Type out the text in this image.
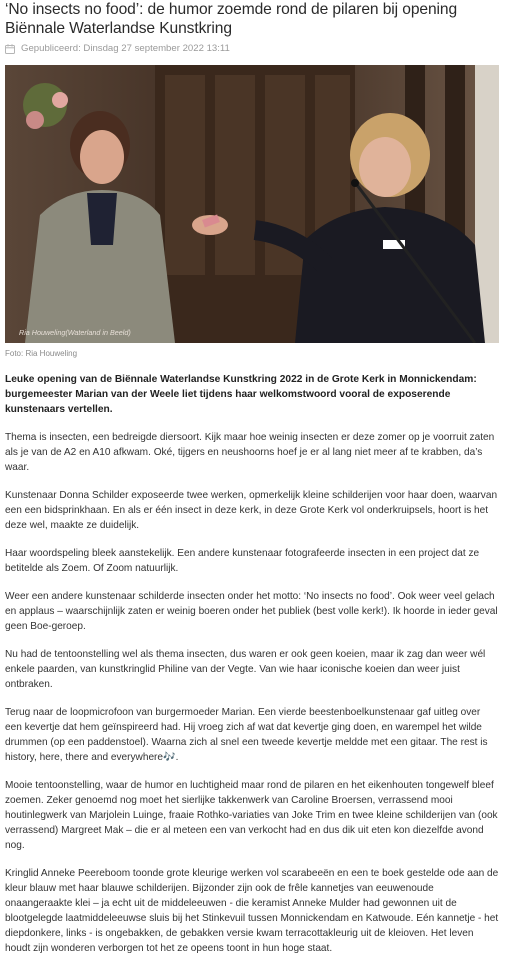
‘No insects no food’: de humor zoemde rond de pilaren bij opening Biënnale Waterlandse Kunstkring
Gepubliceerd: Dinsdag 27 september 2022 13:11
Ria Houweling(Waterland in Beeld)
Foto: Ria Houweling
Leuke opening van de Biënnale Waterlandse Kunstkring 2022 in de Grote Kerk in Monnickendam: burgemeester Marian van der Weele liet tijdens haar welkomstwoord vooral de exposerende kunstenaars vertellen.

Thema is insecten, een bedreigde diersoort. Kijk maar hoe weinig insecten er deze zomer op je voorruit zaten als je van de A2 en A10 afkwam. Oké, tijgers en neushoorns hoef je er al lang niet meer af te krabben, da’s waar.

Kunstenaar Donna Schilder exposeerde twee werken, opmerkelijk kleine schilderijen voor haar doen, waarvan een een bidsprinkhaan. En als er één insect in deze kerk, in deze Grote Kerk vol onderkruipsels, hoort is het deze wel, maakte ze duidelijk.

Haar woordspeling bleek aanstekelijk. Een andere kunstenaar fotografeerde insecten in een project dat ze betitelde als Zoem. Of Zoom natuurlijk.

Weer een andere kunstenaar schilderde insecten onder het motto: ‘No insects no food’. Ook weer veel gelach en applaus – waarschijnlijk zaten er weinig boeren onder het publiek (best volle kerk!). Ik hoorde in ieder geval geen Boe-geroep.

Nu had de tentoonstelling wel als thema insecten, dus waren er ook geen koeien, maar ik zag dan weer wél enkele paarden, van kunstkringlid Philine van der Vegte. Van wie haar iconische koeien dan weer juist ontbraken.

Terug naar de loopmicrofoon van burgermoeder Marian. Een vierde beestenboelkunstenaar gaf uitleg over een kevertje dat hem geïnspireerd had. Hij vroeg zich af wat dat kevertje ging doen, en warempel het wilde drummen (op een paddenstoel). Waarna zich al snel een tweede kevertje meldde met een gitaar. The rest is history, here, there and everywhere🎶.

Mooie tentoonstelling, waar de humor en luchtigheid maar rond de pilaren en het eikenhouten tongewelf bleef zoemen. Zeker genoemd nog moet het sierlijke takkenwerk van Caroline Broersen, verrassend mooi houtinlegwerk van Marjolein Luinge, fraaie Rothko-variaties van Joke Trim en twee kleine schilderijen van (ook verrassend) Margreet Mak – die er al meteen een van verkocht had en dus dik uit eten kon diezelfde avond nog.

Kringlid Anneke Peereboom toonde grote kleurige werken vol scarabeeën en een te boek gestelde ode aan de kleur blauw met haar blauwe schilderijen. Bijzonder zijn ook de frêle kannetjes van eeuwenoude onaangeraakte klei – ja echt uit de middeleeuwen - die keramist Anneke Mulder had gewonnen uit de blootgelegde laatmiddeleeuwse sluis bij het Stinkevuil tussen Monnickendam en Katwoude. Eén kannetje - het diepdonkere, links - is ongebakken, de gebakken versie kwam terracottakleurig uit de kleioven. Het leven houdt zijn wonderen verborgen tot het ze opeens toont in hun hoge staat.
